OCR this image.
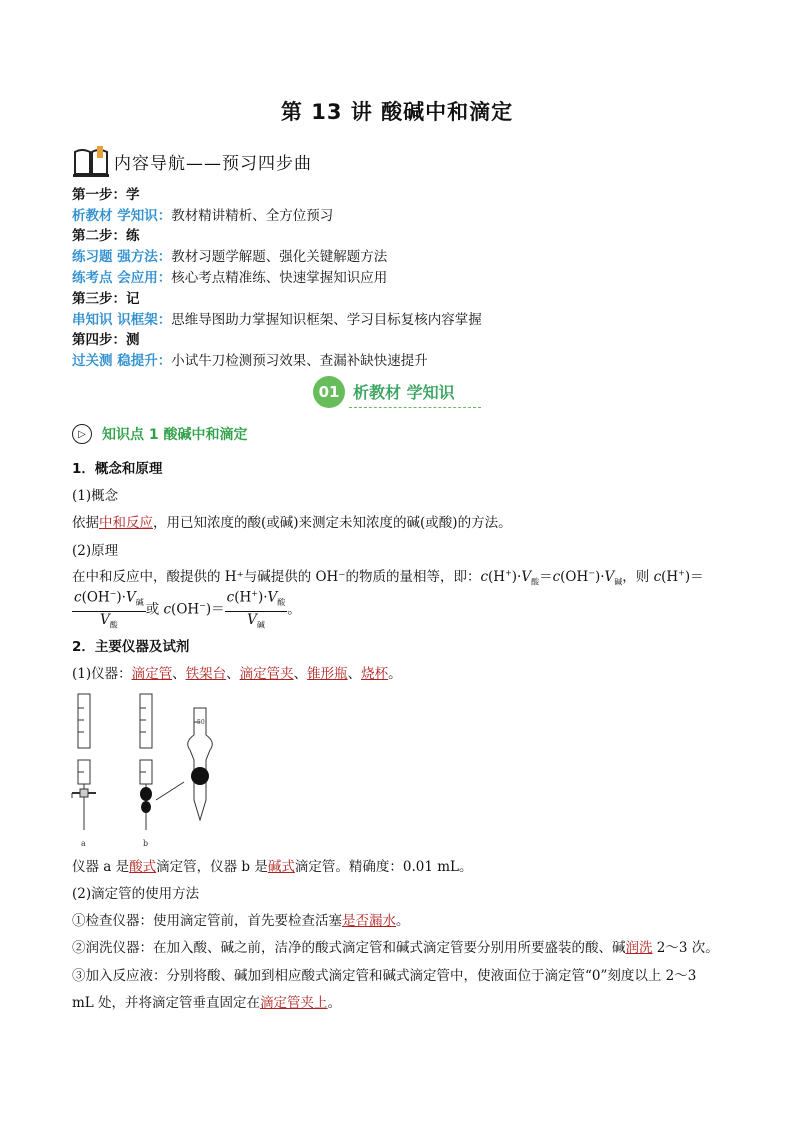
第 13 讲 酸碱中和滴定
内容导航——预习四步曲
第一步：学
析教材 学知识：教材精讲精析、全方位预习
第二步：练
练习题 强方法：教材习题学解题、强化关键解题方法
练考点 会应用：核心考点精准练、快速掌握知识应用
第三步：记
串知识 识框架：思维导图助力掌握知识框架、学习目标复核内容掌握
第四步：测
过关测 稳提升：小试牛刀检测预习效果、查漏补缺快速提升
01 析教材 学知识
▷	知识点 1 酸碱中和滴定
1．概念和原理
(1)概念
依据中和反应，用已知浓度的酸(或碱)来测定未知浓度的碱(或酸)的方法。
(2)原理
在中和反应中，酸提供的 H⁺与碱提供的 OH⁻的物质的量相等，即：$c(H^+)\cdot V_酸=c(OH^-)\cdot V_碱$，则 c(H+)＝
$\frac{c(OH^-)\cdot V_碱}{V_酸}$ 或 $c(OH^-)= \frac{c(H^+)\cdot V_酸}{V_碱}$ 。
2．主要仪器及试剂
(1)仪器：滴定管、铁架台、滴定管夹、锥形瓶、烧杯。
a	b
50
仪器 a 是酸式滴定管，仪器 b 是碱式滴定管。精确度：0.01 mL。
(2)滴定管的使用方法
①检查仪器：使用滴定管前，首先要检查活塞是否漏水。
②润洗仪器：在加入酸、碱之前，洁净的酸式滴定管和碱式滴定管要分别用所要盛装的酸、碱润洗 2～3 次。
③加入反应液：分别将酸、碱加到相应酸式滴定管和碱式滴定管中，使液面位于滴定管“0”刻度以上 2～3
mL 处，并将滴定管垂直固定在滴定管夹上。
